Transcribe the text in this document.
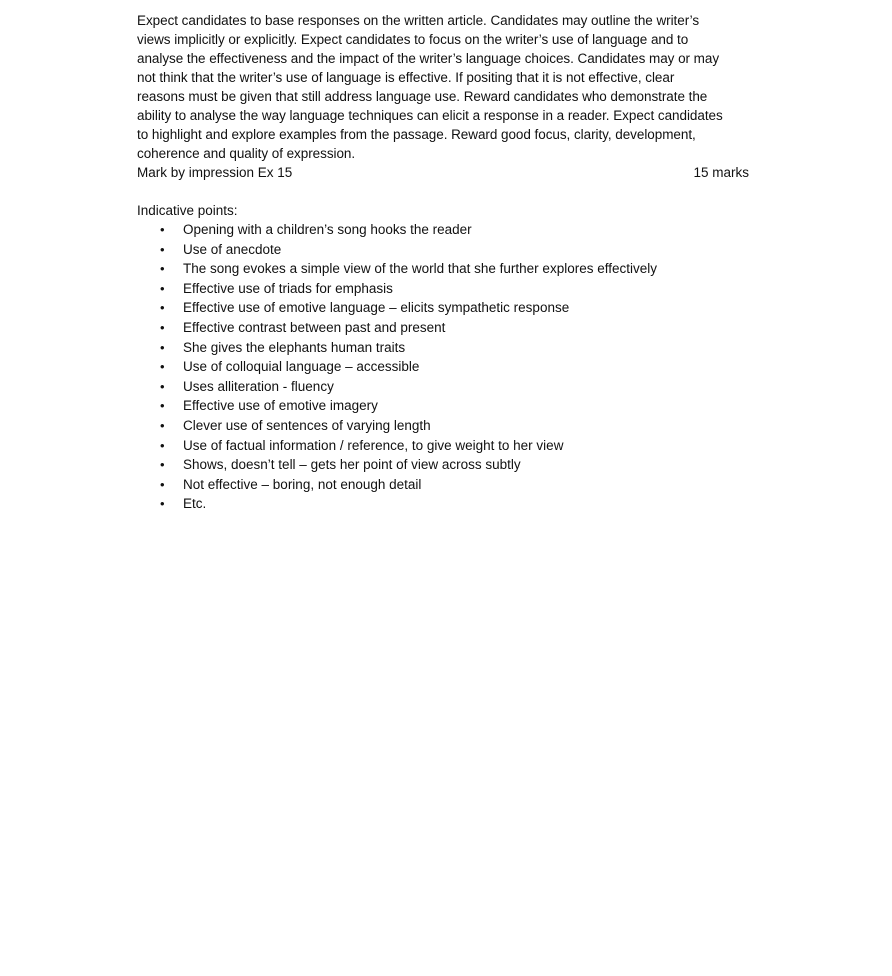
Expect candidates to base responses on the written article. Candidates may outline the writer’s
views implicitly or explicitly. Expect candidates to focus on the writer’s use of language and to
analyse the effectiveness and the impact of the writer’s language choices. Candidates may or may
not think that the writer’s use of language is effective. If positing that it is not effective, clear
reasons must be given that still address language use. Reward candidates who demonstrate the
ability to analyse the way language techniques can elicit a response in a reader. Expect candidates
to highlight and explore examples from the passage. Reward good focus, clarity, development,
coherence and quality of expression.

Mark by impression Ex 15	15 marks

Indicative points:

• Opening with a children’s song hooks the reader
• Use of anecdote
• The song evokes a simple view of the world that she further explores effectively
• Effective use of triads for emphasis
• Effective use of emotive language – elicits sympathetic response
• Effective contrast between past and present
• She gives the elephants human traits
• Use of colloquial language – accessible
• Uses alliteration - fluency
• Effective use of emotive imagery
• Clever use of sentences of varying length
• Use of factual information / reference, to give weight to her view
• Shows, doesn’t tell – gets her point of view across subtly
• Not effective – boring, not enough detail
• Etc.
